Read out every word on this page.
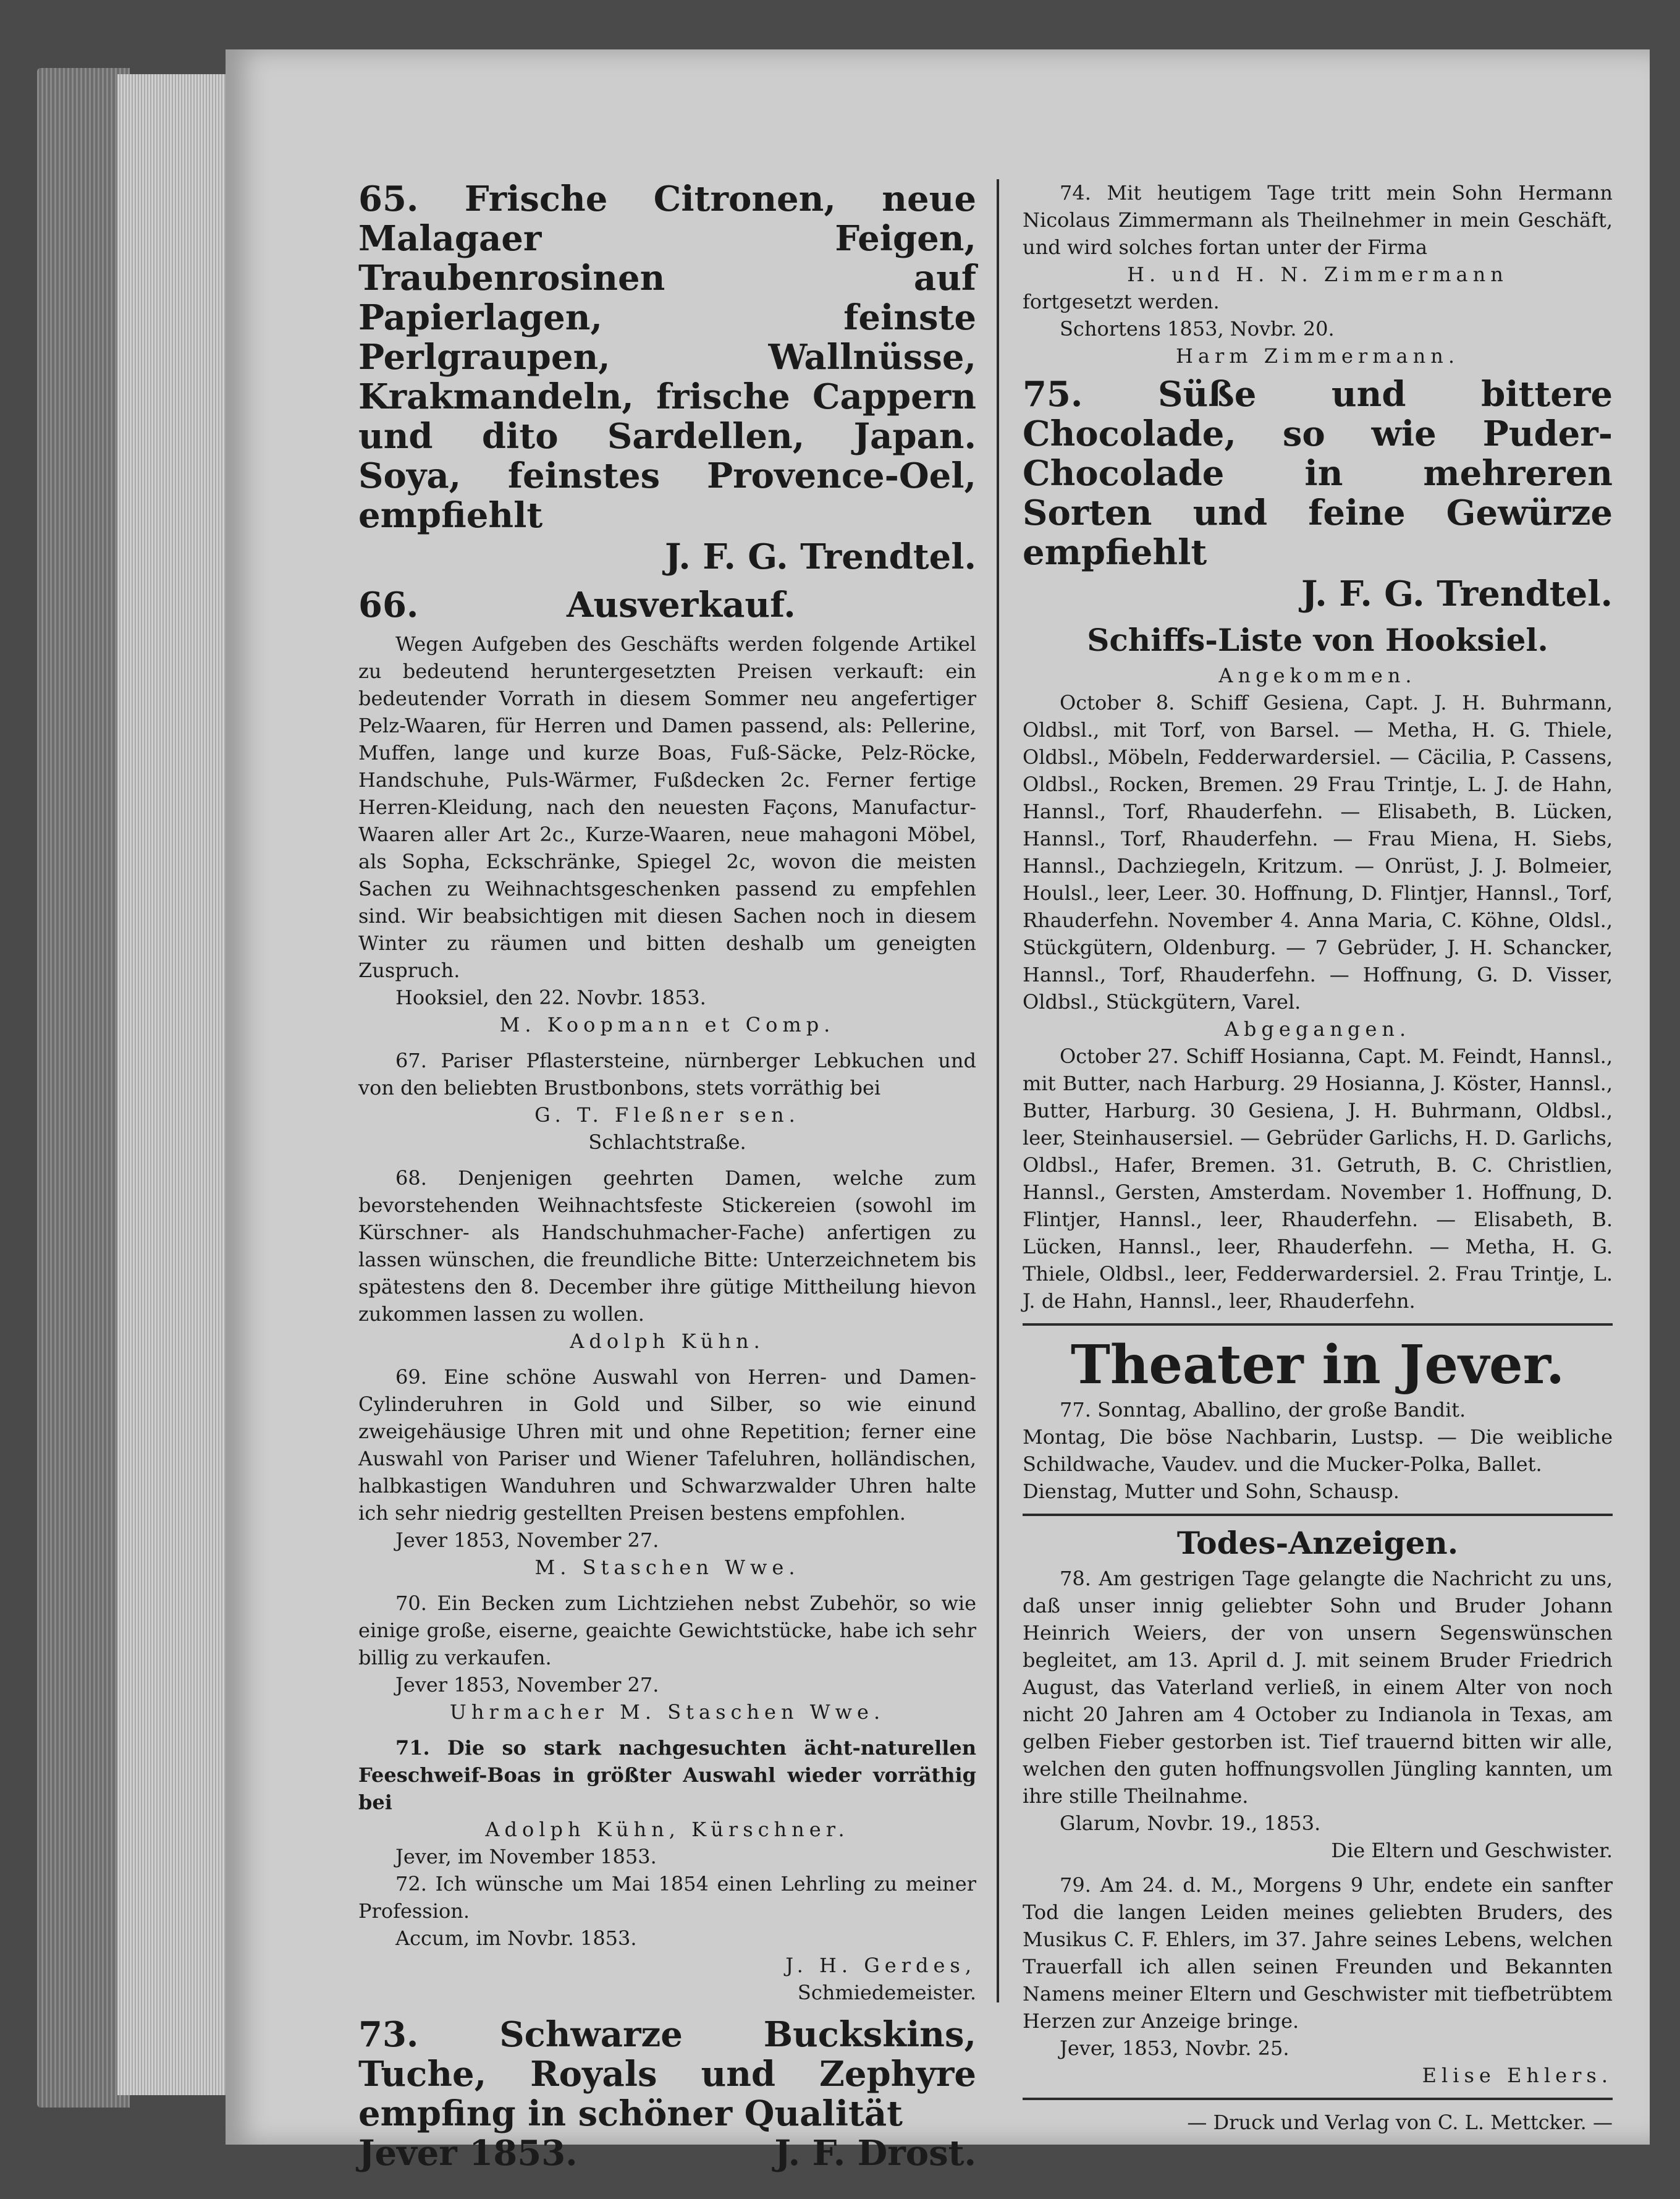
65. Frische Citronen, neue Malagaer Feigen, Traubenrosinen auf Papierlagen, feinste Perlgraupen, Wallnüsse, Krakmandeln, frische Cappern und dito Sardellen, Japan. Soya, feinstes Provence-Oel, empfiehlt

J. F. G. Trendtel.

66.	Ausverkauf.

Wegen Aufgeben des Geschäfts werden folgende Artikel zu bedeutend heruntergesetzten Preisen verkauft: ein bedeutender Vorrath in diesem Sommer neu angefertiger Pelz-Waaren, für Herren und Damen passend, als: Pellerine, Muffen, lange und kurze Boas, Fuß-Säcke, Pelz-Röcke, Handschuhe, Puls-Wärmer, Fußdecken 2c. Ferner fertige Herren-Kleidung, nach den neuesten Façons, Manufactur-Waaren aller Art 2c., Kurze-Waaren, neue mahagoni Möbel, als Sopha, Eckschränke, Spiegel 2c, wovon die meisten Sachen zu Weihnachtsgeschenken passend zu empfehlen sind. Wir beabsichtigen mit diesen Sachen noch in diesem Winter zu räumen und bitten deshalb um geneigten Zuspruch.

Hooksiel, den 22. Novbr. 1853.

M. Koopmann et Comp.

67. Pariser Pflastersteine, nürnberger Lebkuchen und von den beliebten Brustbonbons, stets vorräthig bei

G. T. Fleßner sen.

Schlachtstraße.

68. Denjenigen geehrten Damen, welche zum bevorstehenden Weihnachtsfeste Stickereien (sowohl im Kürschner- als Handschuhmacher-Fache) anfertigen zu lassen wünschen, die freundliche Bitte: Unterzeichnetem bis spätestens den 8. December ihre gütige Mittheilung hievon zukommen lassen zu wollen.

Adolph Kühn.

69. Eine schöne Auswahl von Herren- und Damen-Cylinderuhren in Gold und Silber, so wie einund zweigehäusige Uhren mit und ohne Repetition; ferner eine Auswahl von Pariser und Wiener Tafeluhren, holländischen, halbkastigen Wanduhren und Schwarzwalder Uhren halte ich sehr niedrig gestellten Preisen bestens empfohlen.

Jever 1853, November 27.

M. Staschen Wwe.

70. Ein Becken zum Lichtziehen nebst Zubehör, so wie einige große, eiserne, geaichte Gewichtstücke, habe ich sehr billig zu verkaufen.

Jever 1853, November 27.

Uhrmacher M. Staschen Wwe.

71. Die so stark nachgesuchten ächt-naturellen Feeschweif-Boas in größter Auswahl wieder vorräthig bei

Adolph Kühn, Kürschner.

Jever, im November 1853.

72. Ich wünsche um Mai 1854 einen Lehrling zu meiner Profession.

Accum, im Novbr. 1853.

J. H. Gerdes,

Schmiedemeister.

73. Schwarze Buckskins, Tuche, Royals und Zephyre empfing in schöner Qualität

Jever 1853.	J. F. Drost.

74. Mit heutigem Tage tritt mein Sohn Hermann Nicolaus Zimmermann als Theilnehmer in mein Geschäft, und wird solches fortan unter der Firma

H. und H. N. Zimmermann

fortgesetzt werden.

Schortens 1853, Novbr. 20.

Harm Zimmermann.

75. Süße und bittere Chocolade, so wie Puder-Chocolade in mehreren Sorten und feine Gewürze empfiehlt

J. F. G. Trendtel.

Schiffs-Liste von Hooksiel.

Angekommen.

October 8. Schiff Gesiena, Capt. J. H. Buhrmann, Oldbsl., mit Torf, von Barsel. — Metha, H. G. Thiele, Oldbsl., Möbeln, Fedderwardersiel. — Cäcilia, P. Cassens, Oldbsl., Rocken, Bremen. 29 Frau Trintje, L. J. de Hahn, Hannsl., Torf, Rhauderfehn. — Elisabeth, B. Lücken, Hannsl., Torf, Rhauderfehn. — Frau Miena, H. Siebs, Hannsl., Dachziegeln, Kritzum. — Onrüst, J. J. Bolmeier, Houlsl., leer, Leer. 30. Hoffnung, D. Flintjer, Hannsl., Torf, Rhauderfehn. November 4. Anna Maria, C. Köhne, Oldsl., Stückgütern, Oldenburg. — 7 Gebrüder, J. H. Schancker, Hannsl., Torf, Rhauderfehn. — Hoffnung, G. D. Visser, Oldbsl., Stückgütern, Varel.

Abgegangen.

October 27. Schiff Hosianna, Capt. M. Feindt, Hannsl., mit Butter, nach Harburg. 29 Hosianna, J. Köster, Hannsl., Butter, Harburg. 30 Gesiena, J. H. Buhrmann, Oldbsl., leer, Steinhausersiel. — Gebrüder Garlichs, H. D. Garlichs, Oldbsl., Hafer, Bremen. 31. Getruth, B. C. Christlien, Hannsl., Gersten, Amsterdam. November 1. Hoffnung, D. Flintjer, Hannsl., leer, Rhauderfehn. — Elisabeth, B. Lücken, Hannsl., leer, Rhauderfehn. — Metha, H. G. Thiele, Oldbsl., leer, Fedderwardersiel. 2. Frau Trintje, L. J. de Hahn, Hannsl., leer, Rhauderfehn.

Theater in Jever.

77. Sonntag, Aballino, der große Bandit.

Montag, Die böse Nachbarin, Lustsp. — Die weibliche Schildwache, Vaudev. und die Mucker-Polka, Ballet.

Dienstag, Mutter und Sohn, Schausp.

Todes-Anzeigen.

78. Am gestrigen Tage gelangte die Nachricht zu uns, daß unser innig geliebter Sohn und Bruder Johann Heinrich Weiers, der von unsern Segenswünschen begleitet, am 13. April d. J. mit seinem Bruder Friedrich August, das Vaterland verließ, in einem Alter von noch nicht 20 Jahren am 4 October zu Indianola in Texas, am gelben Fieber gestorben ist. Tief trauernd bitten wir alle, welchen den guten hoffnungsvollen Jüngling kannten, um ihre stille Theilnahme.

Glarum, Novbr. 19., 1853.

Die Eltern und Geschwister.

79. Am 24. d. M., Morgens 9 Uhr, endete ein sanfter Tod die langen Leiden meines geliebten Bruders, des Musikus C. F. Ehlers, im 37. Jahre seines Lebens, welchen Trauerfall ich allen seinen Freunden und Bekannten Namens meiner Eltern und Geschwister mit tiefbetrübtem Herzen zur Anzeige bringe.

Jever, 1853, Novbr. 25.

Elise Ehlers.

— Druck und Verlag von C. L. Mettcker. —
